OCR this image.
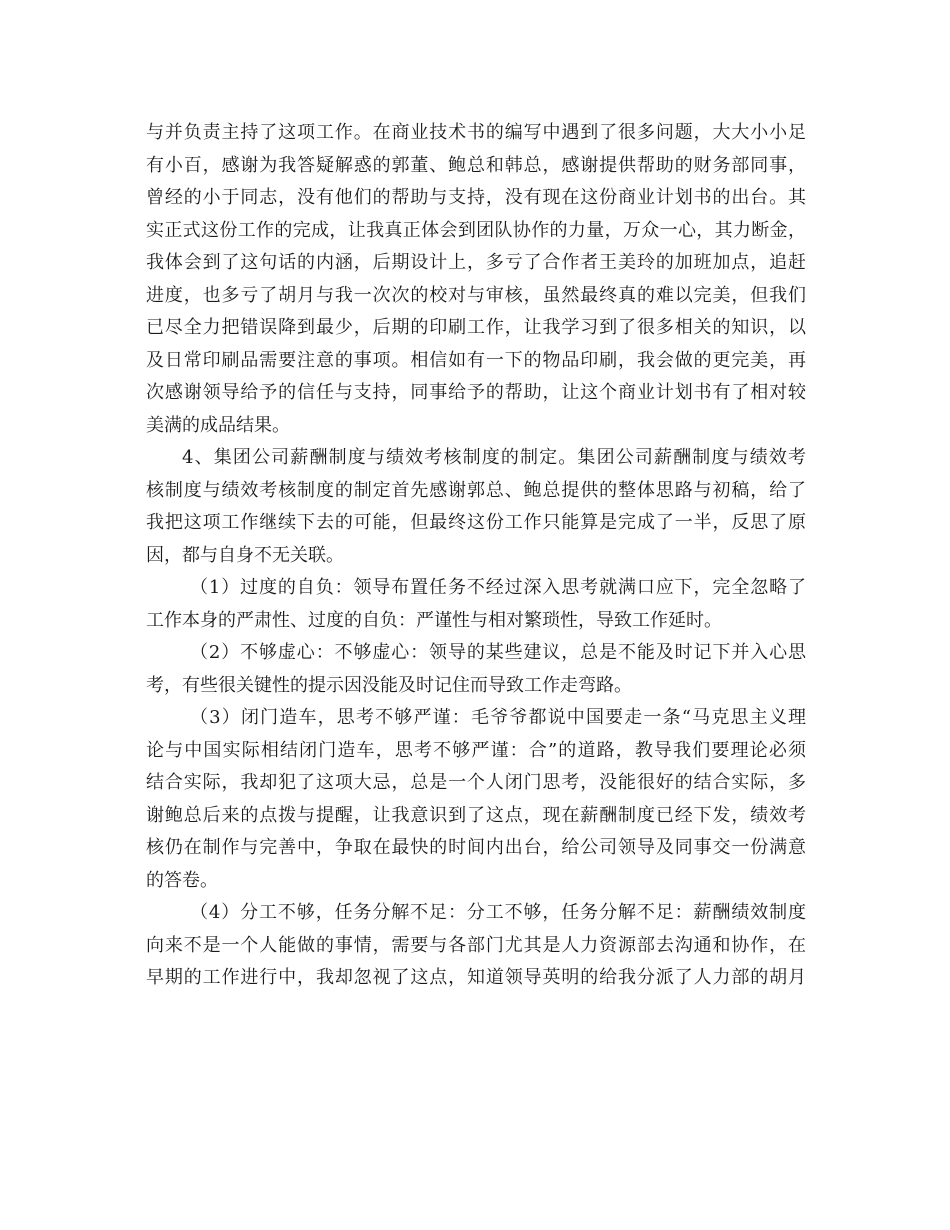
与并负责主持了这项工作。在商业技术书的编写中遇到了很多问题，大大小小足
有小百，感谢为我答疑解惑的郭董、鲍总和韩总，感谢提供帮助的财务部同事，
曾经的小于同志，没有他们的帮助与支持，没有现在这份商业计划书的出台。其
实正式这份工作的完成，让我真正体会到团队协作的力量，万众一心，其力断金，
我体会到了这句话的内涵，后期设计上，多亏了合作者王美玲的加班加点，追赶
进度，也多亏了胡月与我一次次的校对与审核，虽然最终真的难以完美，但我们
已尽全力把错误降到最少，后期的印刷工作，让我学习到了很多相关的知识，以
及日常印刷品需要注意的事项。相信如有一下的物品印刷，我会做的更完美，再
次感谢领导给予的信任与支持，同事给予的帮助，让这个商业计划书有了相对较
美满的成品结果。
4、集团公司薪酬制度与绩效考核制度的制定。集团公司薪酬制度与绩效考
核制度与绩效考核制度的制定首先感谢郭总、鲍总提供的整体思路与初稿，给了
我把这项工作继续下去的可能，但最终这份工作只能算是完成了一半，反思了原
因，都与自身不无关联。
（1）过度的自负：领导布置任务不经过深入思考就满口应下，完全忽略了
工作本身的严肃性、过度的自负：严谨性与相对繁琐性，导致工作延时。
（2）不够虚心：不够虚心：领导的某些建议，总是不能及时记下并入心思
考，有些很关键性的提示因没能及时记住而导致工作走弯路。
（3）闭门造车，思考不够严谨：毛爷爷都说中国要走一条“马克思主义理
论与中国实际相结闭门造车，思考不够严谨：合”的道路，教导我们要理论必须
结合实际，我却犯了这项大忌，总是一个人闭门思考，没能很好的结合实际，多
谢鲍总后来的点拨与提醒，让我意识到了这点，现在薪酬制度已经下发，绩效考
核仍在制作与完善中，争取在最快的时间内出台，给公司领导及同事交一份满意
的答卷。
（4）分工不够，任务分解不足：分工不够，任务分解不足：薪酬绩效制度
向来不是一个人能做的事情，需要与各部门尤其是人力资源部去沟通和协作，在
早期的工作进行中，我却忽视了这点，知道领导英明的给我分派了人力部的胡月
